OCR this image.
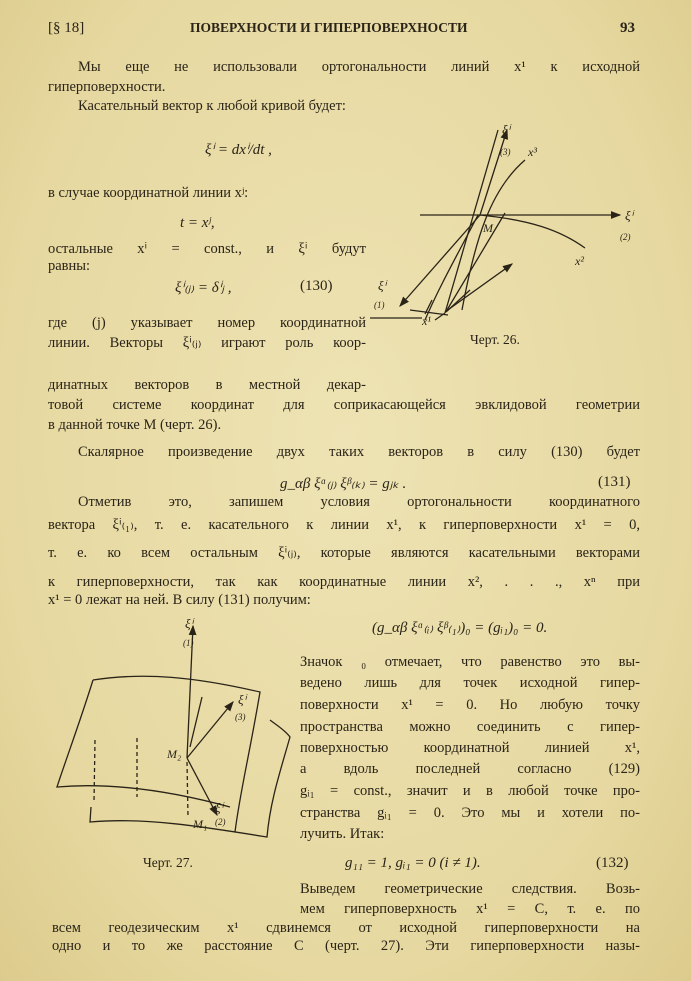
[§ 18]	ПОВЕРХНОСТИ И ГИПЕРПОВЕРХНОСТИ	93
Мы еще не использовали ортогональности линий x¹ к исходной
гиперповерхности.
Касательный вектор к любой кривой будет:
ξⁱ = dxⁱ/dt ,
в случае координатной линии xʲ:
t = xʲ,
остальные xⁱ = const., и ξⁱ будут
равны:
ξⁱ₍ⱼ₎ = δⁱⱼ ,	(130)
где (j) указывает номер координатной
линии. Векторы ξⁱ₍ⱼ₎ играют роль коор-
динатных векторов в местной декар-
товой системе координат для соприкасающейся эвклидовой геометрии
в данной точке M (черт. 26).
Скалярное произведение двух таких векторов в силу (130) будет
g_αβ ξᵅ₍ⱼ₎ ξᵝ₍ₖ₎ = gⱼₖ .	(131)
Отметив это, запишем условия ортогональности координатного
вектора ξⁱ₍₁₎, т. е. касательного к линии x¹, к гиперповерхности x¹ = 0,
т. е. ко всем остальным ξⁱ₍ⱼ₎, которые являются касательными векторами
к гиперповерхности, так как координатные линии x², . . ., xⁿ при
x¹ = 0 лежат на ней. В силу (131) получим:
(g_αβ ξᵅ₍ᵢ₎ ξᵝ₍₁₎)₀ = (gᵢ₁)₀ = 0.
Значок ₀ отмечает, что равенство это вы-
ведено лишь для точек исходной гипер-
поверхности x¹ = 0. Но любую точку
пространства можно соединить с гипер-
поверхностью координатной линией x¹,
а вдоль последней согласно (129)
gᵢ₁ = const., значит и в любой точке про-
странства gᵢ₁ = 0. Это мы и хотели по-
лучить. Итак:
g₁₁ = 1, gᵢ₁ = 0 (i ≠ 1).	(132)
Выведем геометрические следствия. Возь-
мем гиперповерхность x¹ = C, т. е. по
всем геодезическим x¹ сдвинемся от исходной гиперповерхности на
одно и то же расстояние C (черт. 27). Эти гиперповерхности назы-
ξⁱ
(3) x³
ξⁱ
(2)
x²
M
ξⁱ
(1)
x¹
Черт. 26.
ξⁱ
(1)
ξⁱ
(3)
ξⁱ
(2)
M₂
M₁
Черт. 27.
